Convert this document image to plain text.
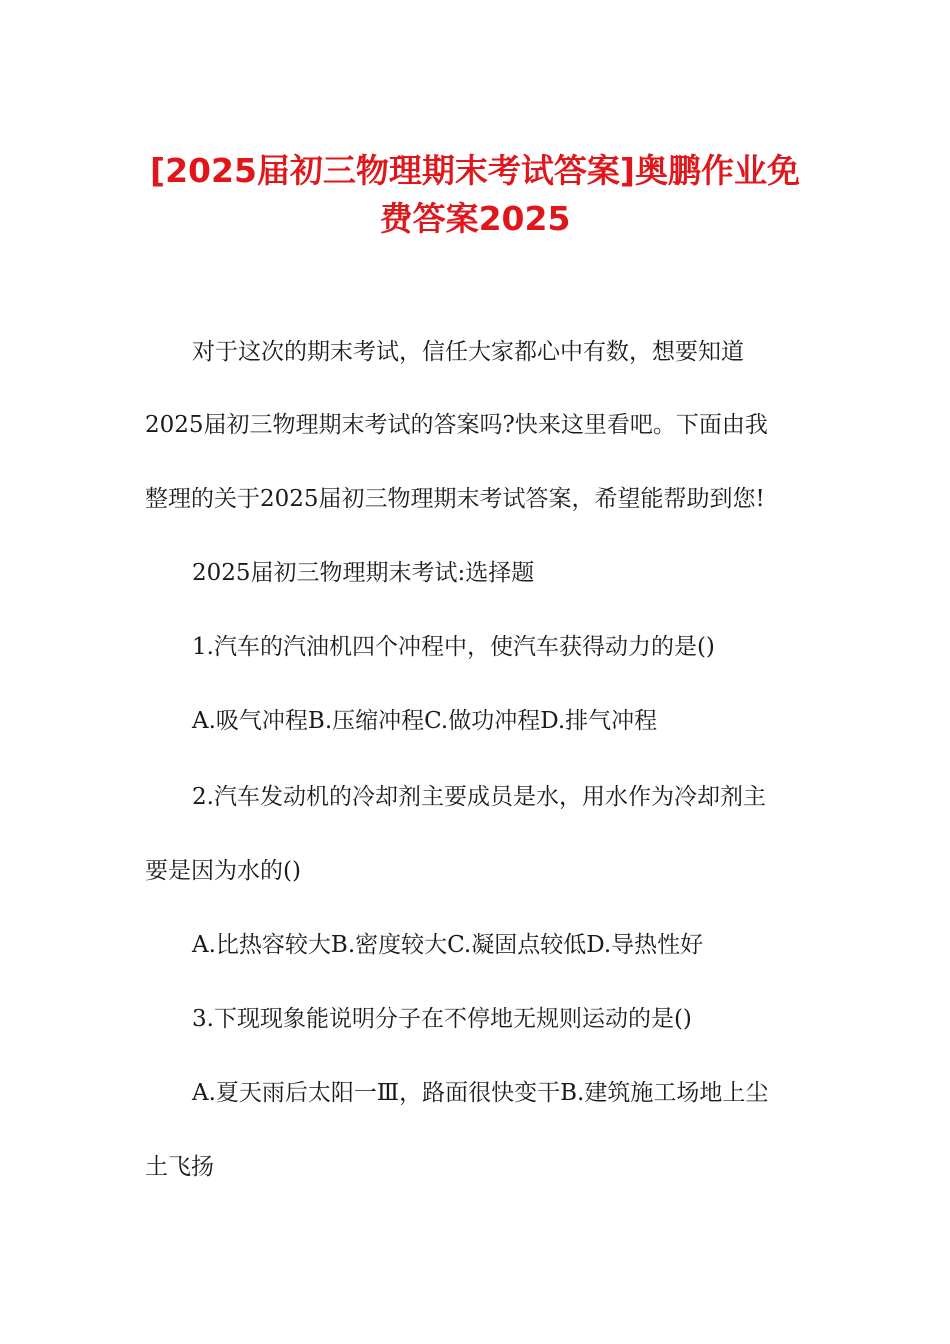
[2025届初三物理期末考试答案]奥鹏作业免
费答案2025

对于这次的期末考试，信任大家都心中有数，想要知道

2025届初三物理期末考试的答案吗?快来这里看吧。下面由我

整理的关于2025届初三物理期末考试答案，希望能帮助到您!

2025届初三物理期末考试:选择题

1.汽车的汽油机四个冲程中，使汽车获得动力的是()

A.吸气冲程B.压缩冲程C.做功冲程D.排气冲程

2.汽车发动机的冷却剂主要成员是水，用水作为冷却剂主

要是因为水的()

A.比热容较大B.密度较大C.凝固点较低D.导热性好

3.下现现象能说明分子在不停地无规则运动的是()

A.夏天雨后太阳一Ⅲ，路面很快变干B.建筑施工场地上尘

土飞扬
